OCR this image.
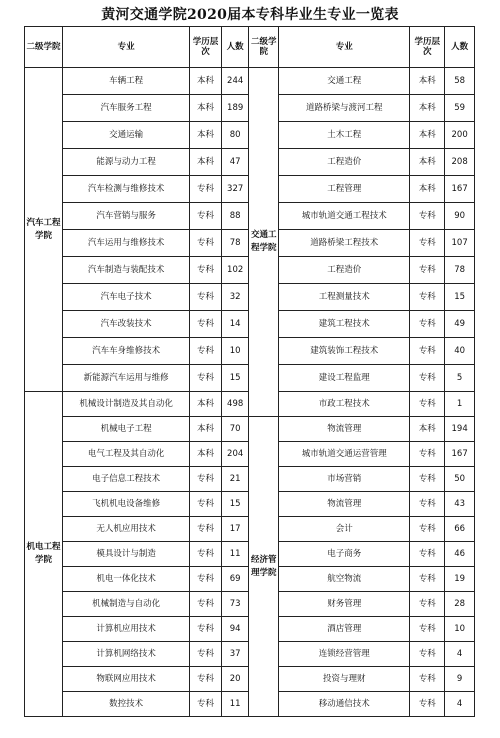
黄河交通学院2020届本专科毕业生专业一览表
二级学院	专业	学历层次	人数	二级学院	专业	学历层次	人数
汽车工程学院	车辆工程	本科	244	交通工程学院	交通工程	本科	58
	汽车服务工程	本科	189		道路桥梁与渡河工程	本科	59
	交通运输	本科	80		土木工程	本科	200
	能源与动力工程	本科	47		工程造价	本科	208
	汽车检测与维修技术	专科	327		工程管理	本科	167
	汽车营销与服务	专科	88		城市轨道交通工程技术	专科	90
	汽车运用与维修技术	专科	78		道路桥梁工程技术	专科	107
	汽车制造与装配技术	专科	102		工程造价	专科	78
	汽车电子技术	专科	32		工程测量技术	专科	15
	汽车改装技术	专科	14		建筑工程技术	专科	49
	汽车车身维修技术	专科	10		建筑装饰工程技术	专科	40
	新能源汽车运用与维修	专科	15		建设工程监理	专科	5
机电工程学院	机械设计制造及其自动化	本科	498		市政工程技术	专科	1
	机械电子工程	本科	70	经济管理学院	物流管理	本科	194
	电气工程及其自动化	本科	204		城市轨道交通运营管理	专科	167
	电子信息工程技术	专科	21		市场营销	专科	50
	飞机机电设备维修	专科	15		物流管理	专科	43
	无人机应用技术	专科	17		会计	专科	66
	模具设计与制造	专科	11		电子商务	专科	46
	机电一体化技术	专科	69		航空物流	专科	19
	机械制造与自动化	专科	73		财务管理	专科	28
	计算机应用技术	专科	94		酒店管理	专科	10
	计算机网络技术	专科	37		连锁经营管理	专科	4
	物联网应用技术	专科	20		投资与理财	专科	9
	数控技术	专科	11		移动通信技术	专科	4
